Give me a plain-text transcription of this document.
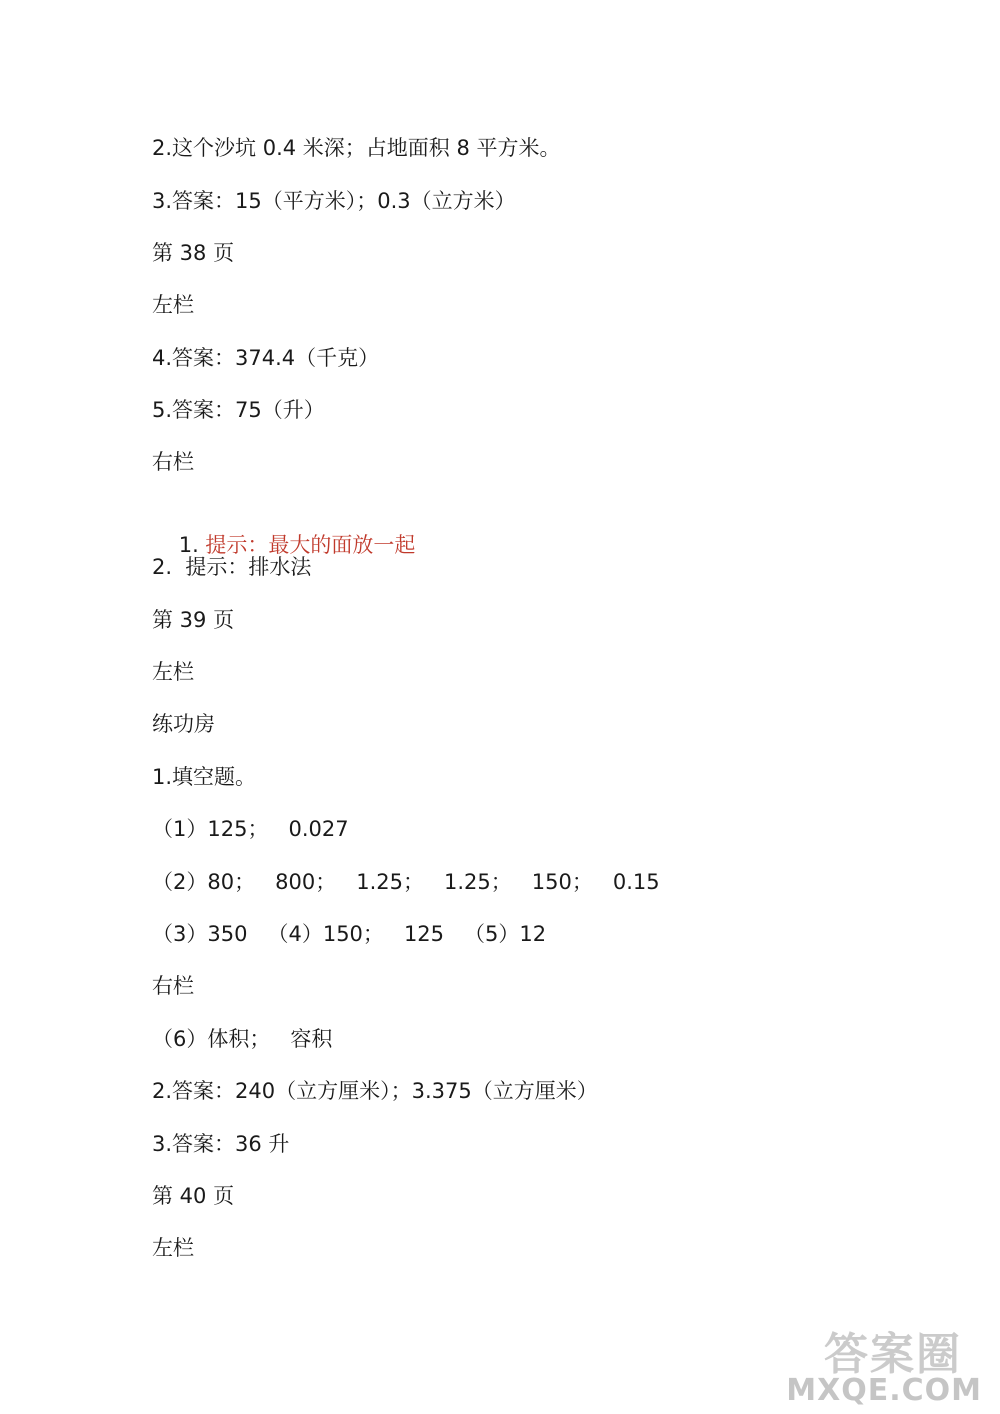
2.这个沙坑 0.4 米深；占地面积 8 平方米。
3.答案：15（平方米）；0.3（立方米）
第 38 页
左栏
4.答案：374.4（千克）
5.答案：75（升）
右栏

1. 提示：最大的面放一起

2.  提示：排水法
第 39 页
左栏
练功房
1.填空题。
（1）125；   0.027
（2）80；   800；   1.25；   1.25；   150；   0.15
（3）350   （4）150；   125   （5）12
右栏
（6）体积；   容积
2.答案：240（立方厘米）；3.375（立方厘米）
3.答案：36 升
第 40 页
左栏
答案圈
MXQE.COM
